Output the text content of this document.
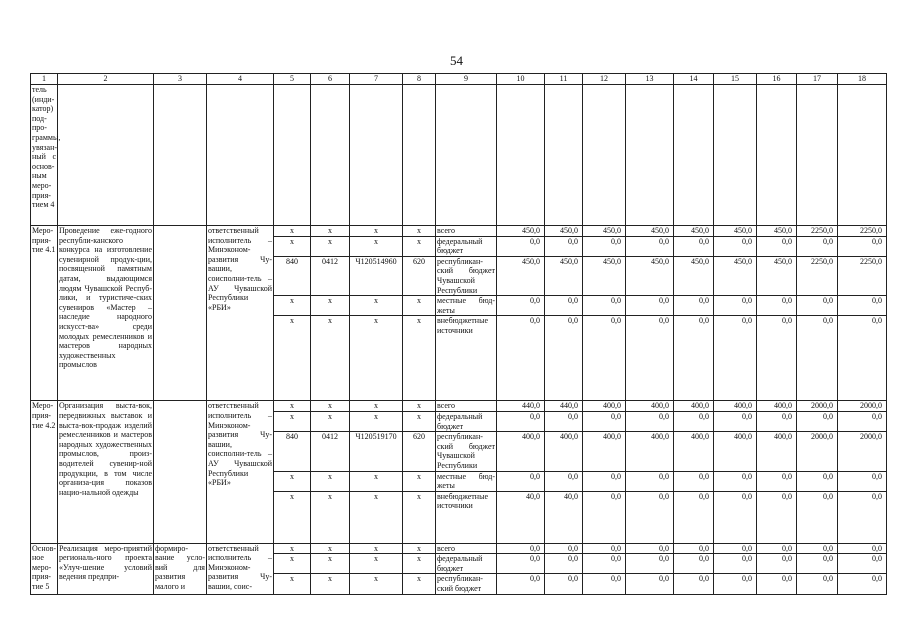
54
1	2	3	4	5	6	7	8	9	10	11	12	13	14	15	16	17	18
тель (инди-катор) под-про-граммы, увязан-ный с основ-ным меро-прия-тием 4																	
Меро-прия-тие 4.1	Проведение еже-годного республи-канского конкурса на изготовление сувенирной продук-ции, посвященной памятным датам, выдающимся людям Чувашской Респуб-лики, и туристиче-ских сувениров «Мастер – наследие народного искусст-ва» среди молодых ремесленников и мастеров народных художественных промыслов		ответственный исполнитель – Минэконом-развития Чу-вашии, соисполни-тель – АУ Чувашской Республики «РБИ»	x	x	x	x	всего	450,0	450,0	450,0	450,0	450,0	450,0	450,0	2250,0	2250,0
				x	x	x	x	федеральный бюджет	0,0	0,0	0,0	0,0	0,0	0,0	0,0	0,0	0,0
				840	0412	Ч120514960	620	республикан-ский бюджет Чувашской Республики	450,0	450,0	450,0	450,0	450,0	450,0	450,0	2250,0	2250,0
				x	x	x	x	местные бюд-жеты	0,0	0,0	0,0	0,0	0,0	0,0	0,0	0,0	0,0
				x	x	x	x	внебюджетные источники	0,0	0,0	0,0	0,0	0,0	0,0	0,0	0,0	0,0
Меро-прия-тие 4.2	Организация выста-вок, передвижных выставок и выста-вок-продаж изделий ремесленников и мастеров народных художественных промыслов, произ-водителей сувенир-ной продукции, в том числе организа-ция показов нацио-нальной одежды		ответственный исполнитель – Минэконом-развития Чу-вашии, соисполни-тель – АУ Чувашской Республики «РБИ»	x	x	x	x	всего	440,0	440,0	400,0	400,0	400,0	400,0	400,0	2000,0	2000,0
				x	x	x	x	федеральный бюджет	0,0	0,0	0,0	0,0	0,0	0,0	0,0	0,0	0,0
				840	0412	Ч120519170	620	республикан-ский бюджет Чувашской Республики	400,0	400,0	400,0	400,0	400,0	400,0	400,0	2000,0	2000,0
				x	x	x	x	местные бюд-жеты	0,0	0,0	0,0	0,0	0,0	0,0	0,0	0,0	0,0
				x	x	x	x	внебюджетные источники	40,0	40,0	0,0	0,0	0,0	0,0	0,0	0,0	0,0
Основ-ное меро-прия-тие 5	Реализация меро-приятий региональ-ного проекта «Улуч-шение условий ведения предпри-	формиро-вание усло-вий для развития малого и	ответственный исполнитель – Минэконом-развития Чу-вашии, соис-	x	x	x	x	всего	0,0	0,0	0,0	0,0	0,0	0,0	0,0	0,0	0,0
				x	x	x	x	федеральный бюджет	0,0	0,0	0,0	0,0	0,0	0,0	0,0	0,0	0,0
				x	x	x	x	республикан-ский бюджет	0,0	0,0	0,0	0,0	0,0	0,0	0,0	0,0	0,0
